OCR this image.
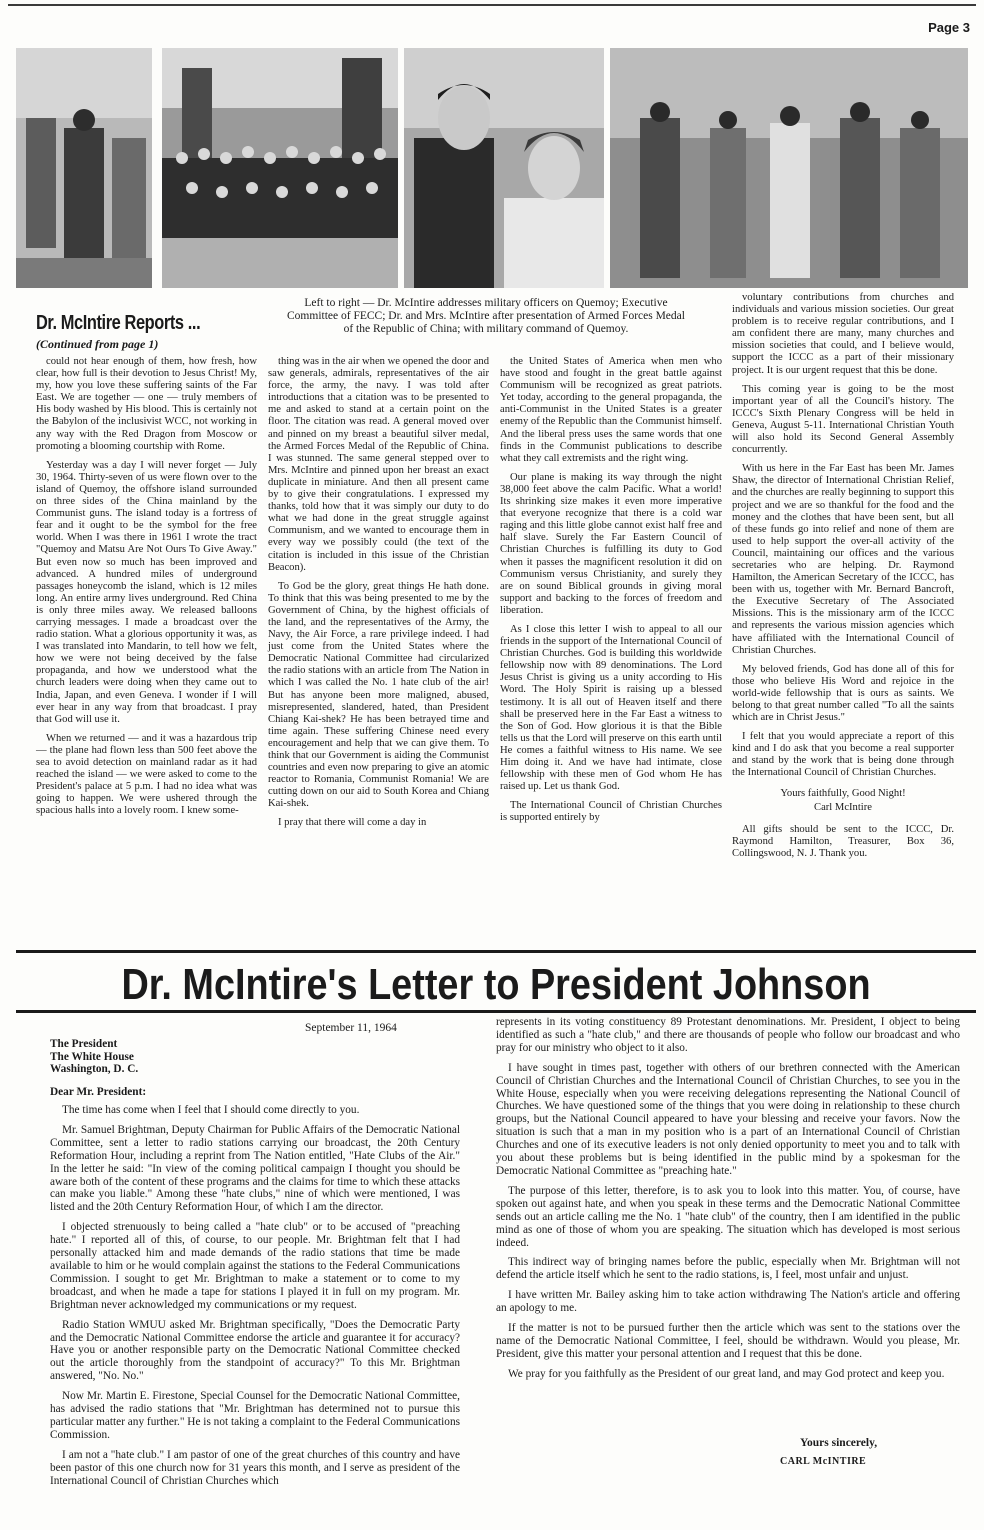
Page 3
Dr. McIntire Reports ...
(Continued from page 1)
Left to right — Dr. McIntire addresses military officers on Quemoy; Executive Committee of FECC; Dr. and Mrs. McIntire after presentation of Armed Forces Medal of the Republic of China; with military command of Quemoy.

could not hear enough of them, how fresh, how clear, how full is their devotion to Jesus Christ! My, my, how you love these suffering saints of the Far East. We are together — one — truly members of His body washed by His blood. This is certainly not the Babylon of the inclusivist WCC, not working in any way with the Red Dragon from Moscow or promoting a blooming courtship with Rome.

Yesterday was a day I will never forget — July 30, 1964. Thirty-seven of us were flown over to the island of Quemoy, the offshore island surrounded on three sides of the China mainland by the Communist guns. The island today is a fortress of fear and it ought to be the symbol for the free world. When I was there in 1961 I wrote the tract "Quemoy and Matsu Are Not Ours To Give Away." But even now so much has been improved and advanced. A hundred miles of underground passages honeycomb the island, which is 12 miles long. An entire army lives underground. Red China is only three miles away. We released balloons carrying messages. I made a broadcast over the radio station. What a glorious opportunity it was, as I was translated into Mandarin, to tell how we felt, how we were not being deceived by the false propaganda, and how we understood what the church leaders were doing when they came out to India, Japan, and even Geneva. I wonder if I will ever hear in any way from that broadcast. I pray that God will use it.

When we returned — and it was a hazardous trip — the plane had flown less than 500 feet above the sea to avoid detection on mainland radar as it had reached the island — we were asked to come to the President's palace at 5 p.m. I had no idea what was going to happen. We were ushered through the spacious halls into a lovely room. I knew some-

thing was in the air when we opened the door and saw generals, admirals, representatives of the air force, the army, the navy. I was told after introductions that a citation was to be presented to me and asked to stand at a certain point on the floor. The citation was read. A general moved over and pinned on my breast a beautiful silver medal, the Armed Forces Medal of the Republic of China. I was stunned. The same general stepped over to Mrs. McIntire and pinned upon her breast an exact duplicate in miniature. And then all present came by to give their congratulations. I expressed my thanks, told how that it was simply our duty to do what we had done in the great struggle against Communism, and we wanted to encourage them in every way we possibly could (the text of the citation is included in this issue of the Christian Beacon).

To God be the glory, great things He hath done. To think that this was being presented to me by the Government of China, by the highest officials of the land, and the representatives of the Army, the Navy, the Air Force, a rare privilege indeed. I had just come from the United States where the Democratic National Committee had circularized the radio stations with an article from The Nation in which I was called the No. 1 hate club of the air! But has anyone been more maligned, abused, misrepresented, slandered, hated, than President Chiang Kai-shek? He has been betrayed time and time again. These suffering Chinese need every encouragement and help that we can give them. To think that our Government is aiding the Communist countries and even now preparing to give an atomic reactor to Romania, Communist Romania! We are cutting down on our aid to South Korea and Chiang Kai-shek.

I pray that there will come a day in

the United States of America when men who have stood and fought in the great battle against Communism will be recognized as great patriots. Yet today, according to the general propaganda, the anti-Communist in the United States is a greater enemy of the Republic than the Communist himself. And the liberal press uses the same words that one finds in the Communist publications to describe what they call extremists and the right wing.

Our plane is making its way through the night 38,000 feet above the calm Pacific. What a world! Its shrinking size makes it even more imperative that everyone recognize that there is a cold war raging and this little globe cannot exist half free and half slave. Surely the Far Eastern Council of Christian Churches is fulfilling its duty to God when it passes the magnificent resolution it did on Communism versus Christianity, and surely they are on sound Biblical grounds in giving moral support and backing to the forces of freedom and liberation.

As I close this letter I wish to appeal to all our friends in the support of the International Council of Christian Churches. God is building this worldwide fellowship now with 89 denominations. The Lord Jesus Christ is giving us a unity according to His Word. The Holy Spirit is raising up a blessed testimony. It is all out of Heaven itself and there shall be preserved here in the Far East a witness to the Son of God. How glorious it is that the Bible tells us that the Lord will preserve on this earth until He comes a faithful witness to His name. We see Him doing it. And we have had intimate, close fellowship with these men of God whom He has raised up. Let us thank God.

The International Council of Christian Churches is supported entirely by

voluntary contributions from churches and individuals and various mission societies. Our great problem is to receive regular contributions, and I am confident there are many, many churches and mission societies that could, and I believe would, support the ICCC as a part of their missionary project. It is our urgent request that this be done.

This coming year is going to be the most important year of all the Council's history. The ICCC's Sixth Plenary Congress will be held in Geneva, August 5-11. International Christian Youth will also hold its Second General Assembly concurrently.

With us here in the Far East has been Mr. James Shaw, the director of International Christian Relief, and the churches are really beginning to support this project and we are so thankful for the food and the money and the clothes that have been sent, but all of these funds go into relief and none of them are used to help support the over-all activity of the Council, maintaining our offices and the various secretaries who are helping. Dr. Raymond Hamilton, the American Secretary of the ICCC, has been with us, together with Mr. Bernard Bancroft, the Executive Secretary of The Associated Missions. This is the missionary arm of the ICCC and represents the various mission agencies which have affiliated with the International Council of Christian Churches.

My beloved friends, God has done all of this for those who believe His Word and rejoice in the world-wide fellowship that is ours as saints. We belong to that great number called "To all the saints which are in Christ Jesus."

I felt that you would appreciate a report of this kind and I do ask that you become a real supporter and stand by the work that is being done through the International Council of Christian Churches.

Yours faithfully, Good Night!
Carl McIntire

All gifts should be sent to the ICCC, Dr. Raymond Hamilton, Treasurer, Box 36, Collingswood, N. J. Thank you.

Dr. McIntire's Letter to President Johnson
September 11, 1964
The President
The White House
Washington, D. C.
Dear Mr. President:

The time has come when I feel that I should come directly to you.

Mr. Samuel Brightman, Deputy Chairman for Public Affairs of the Democratic National Committee, sent a letter to radio stations carrying our broadcast, the 20th Century Reformation Hour, including a reprint from The Nation entitled, "Hate Clubs of the Air." In the letter he said: "In view of the coming political campaign I thought you should be aware both of the content of these programs and the claims for time to which these attacks can make you liable." Among these "hate clubs," nine of which were mentioned, I was listed and the 20th Century Reformation Hour, of which I am the director.

I objected strenuously to being called a "hate club" or to be accused of "preaching hate." I reported all of this, of course, to our people. Mr. Brightman felt that I had personally attacked him and made demands of the radio stations that time be made available to him or he would complain against the stations to the Federal Communications Commission. I sought to get Mr. Brightman to make a statement or to come to my broadcast, and when he made a tape for stations I played it in full on my program. Mr. Brightman never acknowledged my communications or my request.

Radio Station WMUU asked Mr. Brightman specifically, "Does the Democratic Party and the Democratic National Committee endorse the article and guarantee it for accuracy? Have you or another responsible party on the Democratic National Committee checked out the article thoroughly from the standpoint of accuracy?" To this Mr. Brightman answered, "No. No."

Now Mr. Martin E. Firestone, Special Counsel for the Democratic National Committee, has advised the radio stations that "Mr. Brightman has determined not to pursue this particular matter any further." He is not taking a complaint to the Federal Communications Commission.

I am not a "hate club." I am pastor of one of the great churches of this country and have been pastor of this one church now for 31 years this month, and I serve as president of the International Council of Christian Churches which

represents in its voting constituency 89 Protestant denominations. Mr. President, I object to being identified as such a "hate club," and there are thousands of people who follow our broadcast and who pray for our ministry who object to it also.

I have sought in times past, together with others of our brethren connected with the American Council of Christian Churches and the International Council of Christian Churches, to see you in the White House, especially when you were receiving delegations representing the National Council of Churches. We have questioned some of the things that you were doing in relationship to these church groups, but the National Council appeared to have your blessing and receive your favors. Now the situation is such that a man in my position who is a part of an International Council of Christian Churches and one of its executive leaders is not only denied opportunity to meet you and to talk with you about these problems but is being identified in the public mind by a spokesman for the Democratic National Committee as "preaching hate."

The purpose of this letter, therefore, is to ask you to look into this matter. You, of course, have spoken out against hate, and when you speak in these terms and the Democratic National Committee sends out an article calling me the No. 1 "hate club" of the country, then I am identified in the public mind as one of those of whom you are speaking. The situation which has developed is most serious indeed.

This indirect way of bringing names before the public, especially when Mr. Brightman will not defend the article itself which he sent to the radio stations, is, I feel, most unfair and unjust.

I have written Mr. Bailey asking him to take action withdrawing The Nation's article and offering an apology to me.

If the matter is not to be pursued further then the article which was sent to the stations over the name of the Democratic National Committee, I feel, should be withdrawn. Would you please, Mr. President, give this matter your personal attention and I request that this be done.

We pray for you faithfully as the President of our great land, and may God protect and keep you.

Yours sincerely,
CARL McINTIRE
